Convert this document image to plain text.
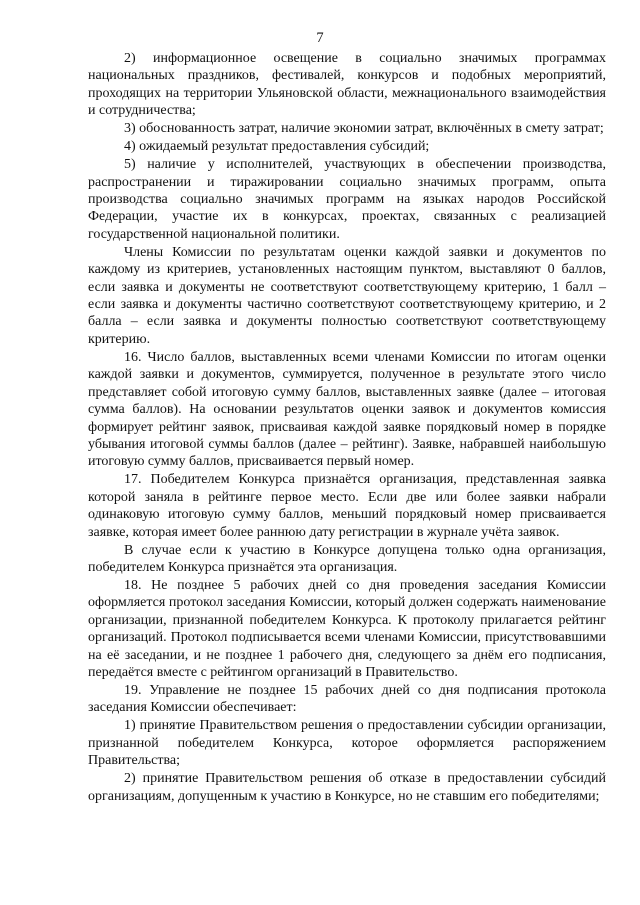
7

2) информационное освещение в социально значимых программах национальных праздников, фестивалей, конкурсов и подобных мероприятий, проходящих на территории Ульяновской области, межнационального взаимодействия и сотрудничества;

3) обоснованность затрат, наличие экономии затрат, включённых в смету затрат;

4) ожидаемый результат предоставления субсидий;

5) наличие у исполнителей, участвующих в обеспечении производства, распространении и тиражировании социально значимых программ, опыта производства социально значимых программ на языках народов Российской Федерации, участие их в конкурсах, проектах, связанных с реализацией государственной национальной политики.

Члены Комиссии по результатам оценки каждой заявки и документов по каждому из критериев, установленных настоящим пунктом, выставляют 0 баллов, если заявка и документы не соответствуют соответствующему критерию, 1 балл – если заявка и документы частично соответствуют соответствующему критерию, и 2 балла – если заявка и документы полностью соответствуют соответствующему критерию.

16. Число баллов, выставленных всеми членами Комиссии по итогам оценки каждой заявки и документов, суммируется, полученное в результате этого число представляет собой итоговую сумму баллов, выставленных заявке (далее – итоговая сумма баллов). На основании результатов оценки заявок и документов комиссия формирует рейтинг заявок, присваивая каждой заявке порядковый номер в порядке убывания итоговой суммы баллов (далее – рейтинг). Заявке, набравшей наибольшую итоговую сумму баллов, присваивается первый номер.

17. Победителем Конкурса признаётся организация, представленная заявка которой заняла в рейтинге первое место. Если две или более заявки набрали одинаковую итоговую сумму баллов, меньший порядковый номер присваивается заявке, которая имеет более раннюю дату регистрации в журнале учёта заявок.

В случае если к участию в Конкурсе допущена только одна организация, победителем Конкурса признаётся эта организация.

18. Не позднее 5 рабочих дней со дня проведения заседания Комиссии оформляется протокол заседания Комиссии, который должен содержать наименование организации, признанной победителем Конкурса. К протоколу прилагается рейтинг организаций. Протокол подписывается всеми членами Комиссии, присутствовавшими на её заседании, и не позднее 1 рабочего дня, следующего за днём его подписания, передаётся вместе с рейтингом организаций в Правительство.

19. Управление не позднее 15 рабочих дней со дня подписания протокола заседания Комиссии обеспечивает:

1) принятие Правительством решения о предоставлении субсидии организации, признанной победителем Конкурса, которое оформляется распоряжением Правительства;

2) принятие Правительством решения об отказе в предоставлении субсидий организациям, допущенным к участию в Конкурсе, но не ставшим его победителями;
